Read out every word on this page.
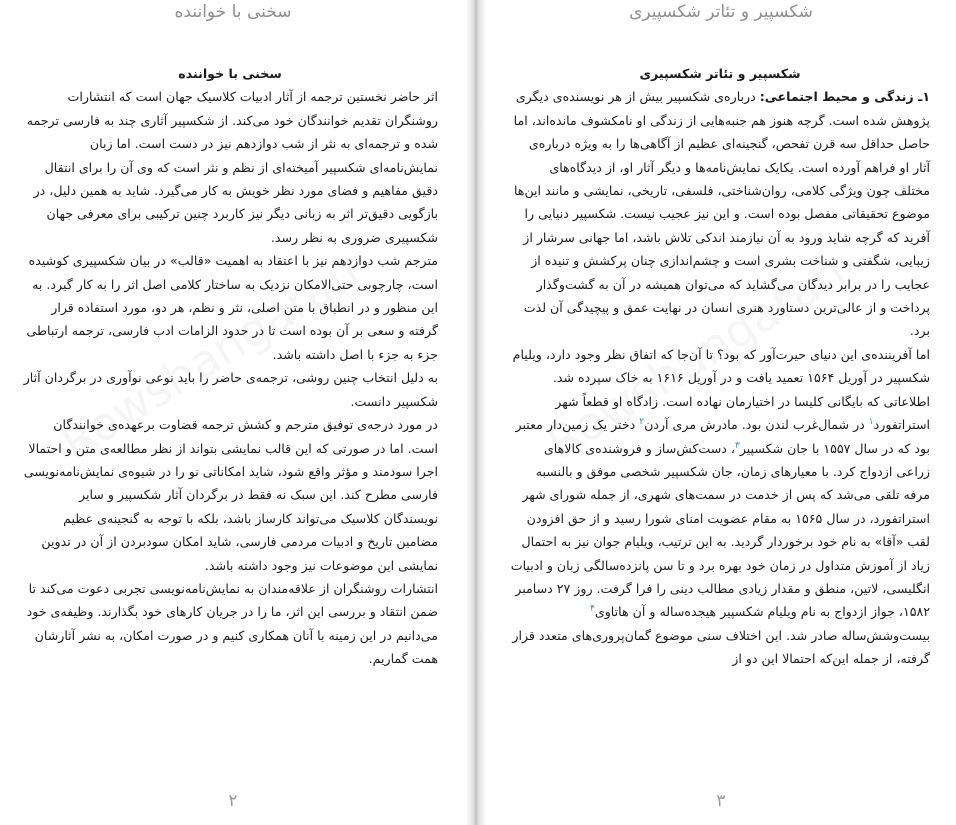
سخنی با خواننده

سخنی با خواننده

اثر حاضر نخستین ترجمه از آثار ادبیات کلاسیک جهان است که انتشارات روشنگران تقدیم خوانندگان خود می‌کند. از شکسپیر آثاری چند به فارسی ترجمه شده و ترجمه‌ای به نثر از شب دوازدهم نیز در دست است. اما زبان نمایش‌نامه‌ای شکسپیر آمیخته‌ای از نظم و نثر است که وی آن را برای انتقال دقیق مفاهیم و فضای مورد نظر خویش به کار می‌گیرد. شاید به همین دلیل، در بازگویی دقیق‌تر اثر به زبانی دیگر نیز کاربرد چنین ترکیبی برای معرفی جهان شکسپیری ضروری به نظر رسد.

مترجم شب دوازدهم نیز با اعتقاد به اهمیت «قالب» در بیان شکسپیری کوشیده است، چارچوبی حتی‌الامکان نزدیک به ساختار کلامی اصل اثر را به کار گیرد. به این منظور و در انطباق با متن اصلی، نثر و نظم، هر دو، مورد استفاده قرار گرفته و سعی بر آن بوده است تا در حدود الزامات ادب فارسی، ترجمه ارتباطی جزء به جزء با اصل داشته باشد.

به دلیل انتخاب چنین روشی، ترجمه‌ی حاضر را باید نوعی نوآوری در برگردان آثار شکسپیر دانست.

در مورد درجه‌ی توفیق مترجم و کشش ترجمه قضاوت برعهده‌ی خوانندگان است. اما در صورتی که این قالب نمایشی بتواند از نظر مطالعه‌ی متن و احتمالا اجرا سودمند و مؤثر واقع شود، شاید امکاناتی نو را در شیوه‌ی نمایش‌نامه‌نویسی فارسی مطرح کند. این سبک نه فقط در برگردان آثار شکسپیر و سایر نویسندگان کلاسیک می‌تواند کارساز باشد، بلکه با توجه به گنجینه‌ی عظیم مضامین تاریخ و ادبیات مردمی فارسی، شاید امکان سودبردن از آن در تدوین نمایشی این موضوعات نیز وجود داشته باشد.

انتشارات روشنگران از علاقه‌مندان به نمایش‌نامه‌نویسی تجربی دعوت می‌کند تا ضمن انتقاد و بررسی این اثر، ما را در جریان کارهای خود بگذارند. وظیفه‌ی خود می‌دانیم در این زمینه با آنان همکاری کنیم و در صورت امکان، به نشر آثارشان همت گماریم.

۲
شکسپیر و تئاتر شکسپیری

شکسپیر و تئاتر شکسپیری

۱ـ زندگی و محیط اجتماعی: درباره‌ی شکسپیر بیش از هر نویسنده‌ی دیگری پژوهش شده است. گرچه هنوز هم جنبه‌هایی از زندگی او نامکشوف مانده‌اند، اما حاصل حداقل سه قرن تفحص، گنجینه‌ای عظیم از آگاهی‌ها را به ویژه درباره‌ی آثار او فراهم آورده است. یکایک نمایش‌نامه‌ها و دیگر آثار او، از دیدگاه‌های مختلف چون ویژگی کلامی، روان‌شناختی، فلسفی، تاریخی، نمایشی و مانند این‌ها موضوع تحقیقاتی مفصل بوده است. و این نیز عجیب نیست. شکسپیر دنیایی را آفرید که گرچه شاید ورود به آن نیازمند اندکی تلاش باشد، اما جهانی سرشار از زیبایی، شگفتی و شناخت بشری است و چشم‌اندازی چنان پرکشش و تنیده از عجایب را در برابر دیدگان می‌گشاید که می‌توان همیشه در آن به گشت‌وگذار پرداخت و از عالی‌ترین دستاورد هنری انسان در نهایت عمق و پیچیدگی آن لذت برد.

اما آفریننده‌ی این دنیای حیرت‌آور که بود؟ تا آن‌جا که اتفاق نظر وجود دارد، ویلیام شکسپیر در آوریل ۱۵۶۴ تعمید یافت و در آوریل ۱۶۱۶ به خاک سپرده شد. اطلاعاتی که بایگانی کلیسا در اختیارمان نهاده است. زادگاه او قطعاً شهر استراتفورد$^۱$ در شمال‌غرب لندن بود. مادرش مری آردن$^۲$ دختر یک زمین‌دار معتبر بود که در سال ۱۵۵۷ با جان شکسپیر$^۳$، دست‌کش‌ساز و فروشنده‌ی کالاهای زراعی ازدواج کرد. با معیارهای زمان، جان شکسپیر شخصی موفق و بالنسبه مرفه تلقی می‌شد که پس از خدمت در سمت‌های شهری، از جمله شورای شهر استراتفورد، در سال ۱۵۶۵ به مقام عضویت امنای شورا رسید و از حق افزودن لقب «آقا» به نام خود برخوردار گردید. به این ترتیب، ویلیام جوان نیز به احتمال زیاد از آموزش متداول در زمان خود بهره برد و تا سن پانزده‌سالگی زبان و ادبیات انگلیسی، لاتین، منطق و مقدار زیادی مطالب دینی را فرا گرفت. روز ۲۷ دسامبر ۱۵۸۲، جواز ازدواج به نام ویلیام شکسپیر هیجده‌ساله و آن هاتاوی$^۴$ بیست‌وشش‌ساله صادر شد. این اختلاف سنی موضوع گمان‌پروری‌های متعدد قرار گرفته، از جمله این‌که احتمالا این دو از

۳
